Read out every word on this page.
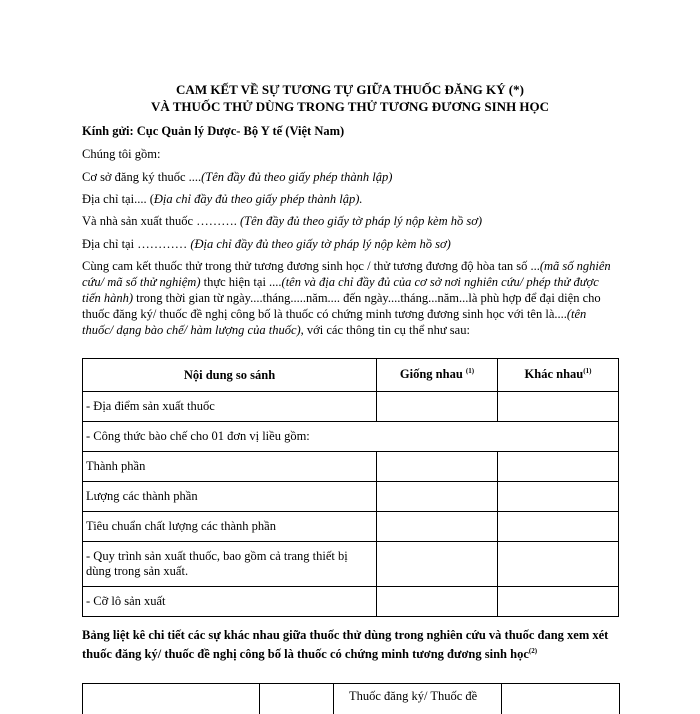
CAM KẾT VỀ SỰ TƯƠNG TỰ GIỮA THUỐC ĐĂNG KÝ (*)
VÀ THUỐC THỬ DÙNG TRONG THỬ TƯƠNG ĐƯƠNG SINH HỌC
Kính gửi: Cục Quản lý Dược- Bộ Y tế (Việt Nam)
Chúng tôi gồm:
Cơ sở đăng ký thuốc ....(Tên đầy đủ theo giấy phép thành lập)
Địa chỉ tại.... (Địa chỉ đầy đủ theo giấy phép thành lập).
Và nhà sản xuất thuốc ………. (Tên đầy đủ theo giấy tờ pháp lý nộp kèm hồ sơ)
Địa chỉ tại ………… (Địa chỉ đầy đủ theo giấy tờ pháp lý nộp kèm hồ sơ)
Cùng cam kết thuốc thử trong thử tương đương sinh học / thử tương đương độ hòa tan số ...(mã số nghiên cứu/ mã số thử nghiệm) thực hiện tại ....(tên và địa chỉ đầy đủ của cơ sở nơi nghiên cứu/ phép thử được tiến hành) trong thời gian từ ngày....tháng.....năm.... đến ngày....tháng...năm...là phù hợp để đại diện cho thuốc đăng ký/ thuốc đề nghị công bố là thuốc có chứng minh tương đương sinh học với tên là....(tên thuốc/ dạng bào chế/ hàm lượng của thuốc), với các thông tin cụ thể như sau:
Nội dung so sánh	Giống nhau $^{(1)}$	Khác nhau$^{(1)}$
- Địa điểm sản xuất thuốc		
- Công thức bào chế cho 01 đơn vị liều gồm:		
Thành phần		
Lượng các thành phần		
Tiêu chuẩn chất lượng các thành phần		
- Quy trình sản xuất thuốc, bao gồm cả trang thiết bị dùng trong sản xuất.		
- Cỡ lô sản xuất		
Bảng liệt kê chi tiết các sự khác nhau giữa thuốc thử dùng trong nghiên cứu và thuốc đang xem xét thuốc đăng ký/ thuốc đề nghị công bố là thuốc có chứng minh tương đương sinh học$^{(2)}$
Thuốc đăng ký/ Thuốc đề
